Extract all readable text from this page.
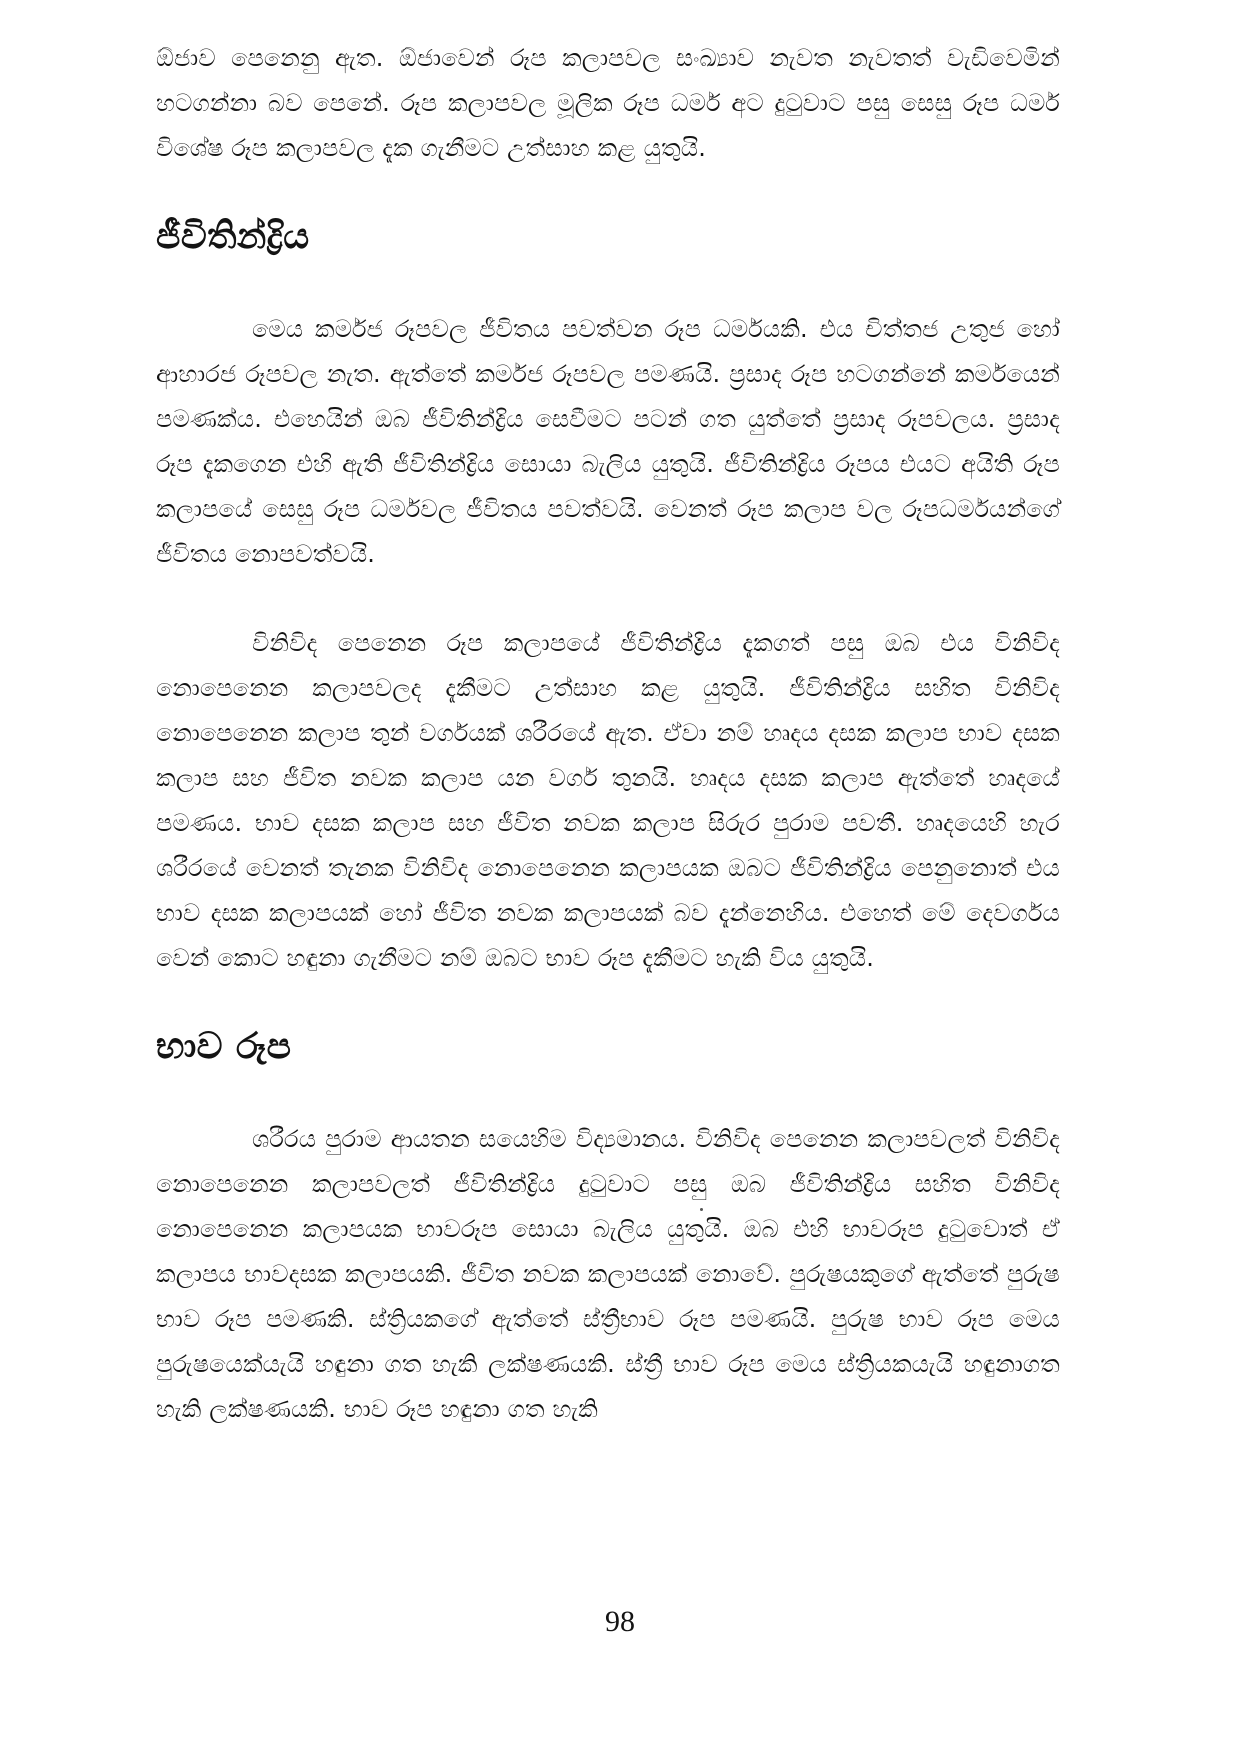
ඕජාව පෙනෙනු ඇත. ඕජාවෙන් රූප කලාපවල සංඛ්‍යාව නැවත නැවතත් වැඩිවෙමින් හටගන්නා බව පෙනේ. රූප කලාපවල මූලික රූප ධර්ම අට දුටුවාට පසු සෙසු රූප ධර්ම විශේෂ රූප කලාපවල දැක ගැනීමට උත්සාහ කළ යුතුයි.

ජීවිතින්ද්‍රිය

මෙය කර්මජ රූපවල ජීවිතය පවත්වන රූප ධර්මයකි. එය චිත්තජ උතුජ හෝ ආහාරජ රූපවල නැත. ඇත්තේ කර්මජ රූපවල පමණයි. ප්‍රසාද රූප හටගන්නේ කර්මයෙන් පමණක්ය. එහෙයින් ඔබ ජීවිතින්ද්‍රිය සෙවීමට පටන් ගත යුත්තේ ප්‍රසාද රූපවලය. ප්‍රසාද රූප දැකගෙන එහි ඇති ජීවිතින්ද්‍රිය සොයා බැලිය යුතුයි. ජීවිතින්ද්‍රිය රූපය එයට අයිති රූප කලාපයේ සෙසු රූප ධර්මවල ජීවිතය පවත්වයි. වෙනත් රූප කලාප වල රූපධර්මයන්ගේ ජීවිතය නොපවත්වයි.

විනිවිද පෙනෙන රූප කලාපයේ ජීවිතින්ද්‍රිය දැකගත් පසු ඔබ එය විනිවිද නොපෙනෙන කලාපවලද දැකීමට උත්සාහ කළ යුතුයි. ජීවිතින්ද්‍රිය සහිත විනිවිද නොපෙනෙන කලාප තුන් වර්ගයක් ශරීරයේ ඇත. ඒවා නම් හෘදය දසක කලාප භාව දසක කලාප සහ ජීවිත නවක කලාප යන වර්ග තුනයි. හෘදය දසක කලාප ඇත්තේ හෘදයේ පමණය. භාව දසක කලාප සහ ජීවිත නවක කලාප සිරුර පුරාම පවතී. හෘදයෙහි හැර ශරීරයේ වෙනත් තැනක විනිවිද නොපෙනෙන කලාපයක ඔබට ජීවිතින්ද්‍රිය පෙනුනොත් එය භාව දසක කලාපයක් හෝ ජීවිත නවක කලාපයක් බව දැන්නෙහිය. එහෙත් මේ දෙවර්ගය වෙන් කොට හඳුනා ගැනීමට නම් ඔබට භාව රූප දැකීමට හැකි විය යුතුයි.

භාව රූප

ශරීරය පුරාම ආයතන සයෙහිම විද්‍යමානය. විනිවිද පෙනෙන කලාපවලත් විනිවිද නොපෙනෙන කලාපවලත් ජීවිතින්ද්‍රිය දුටුවාට පසු ඔබ ජීවිතින්ද්‍රිය සහිත විනිවිද නොපෙනෙන කලාපයක භාවරූප සොයා බැලිය යුතුයි. ඔබ එහි භාවරූප දුටුවොත් ඒ කලාපය භාවදසක කලාපයකි. ජීවිත නවක කලාපයක් නොවේ. පුරුෂයකුගේ ඇත්තේ පුරුෂ භාව රූප පමණකි. ස්ත්‍රියකගේ ඇත්තේ ස්ත්‍රීභාව රූප පමණයි. පුරුෂ භාව රූප මෙය පුරුෂයෙක්යැයි හඳුනා ගත හැකි ලක්ෂණයකි. ස්ත්‍රී භාව රූප මෙය ස්ත්‍රියකයැයි හඳුනාගත හැකි ලක්ෂණයකි. භාව රූප හඳුනා ගත හැකි

98
